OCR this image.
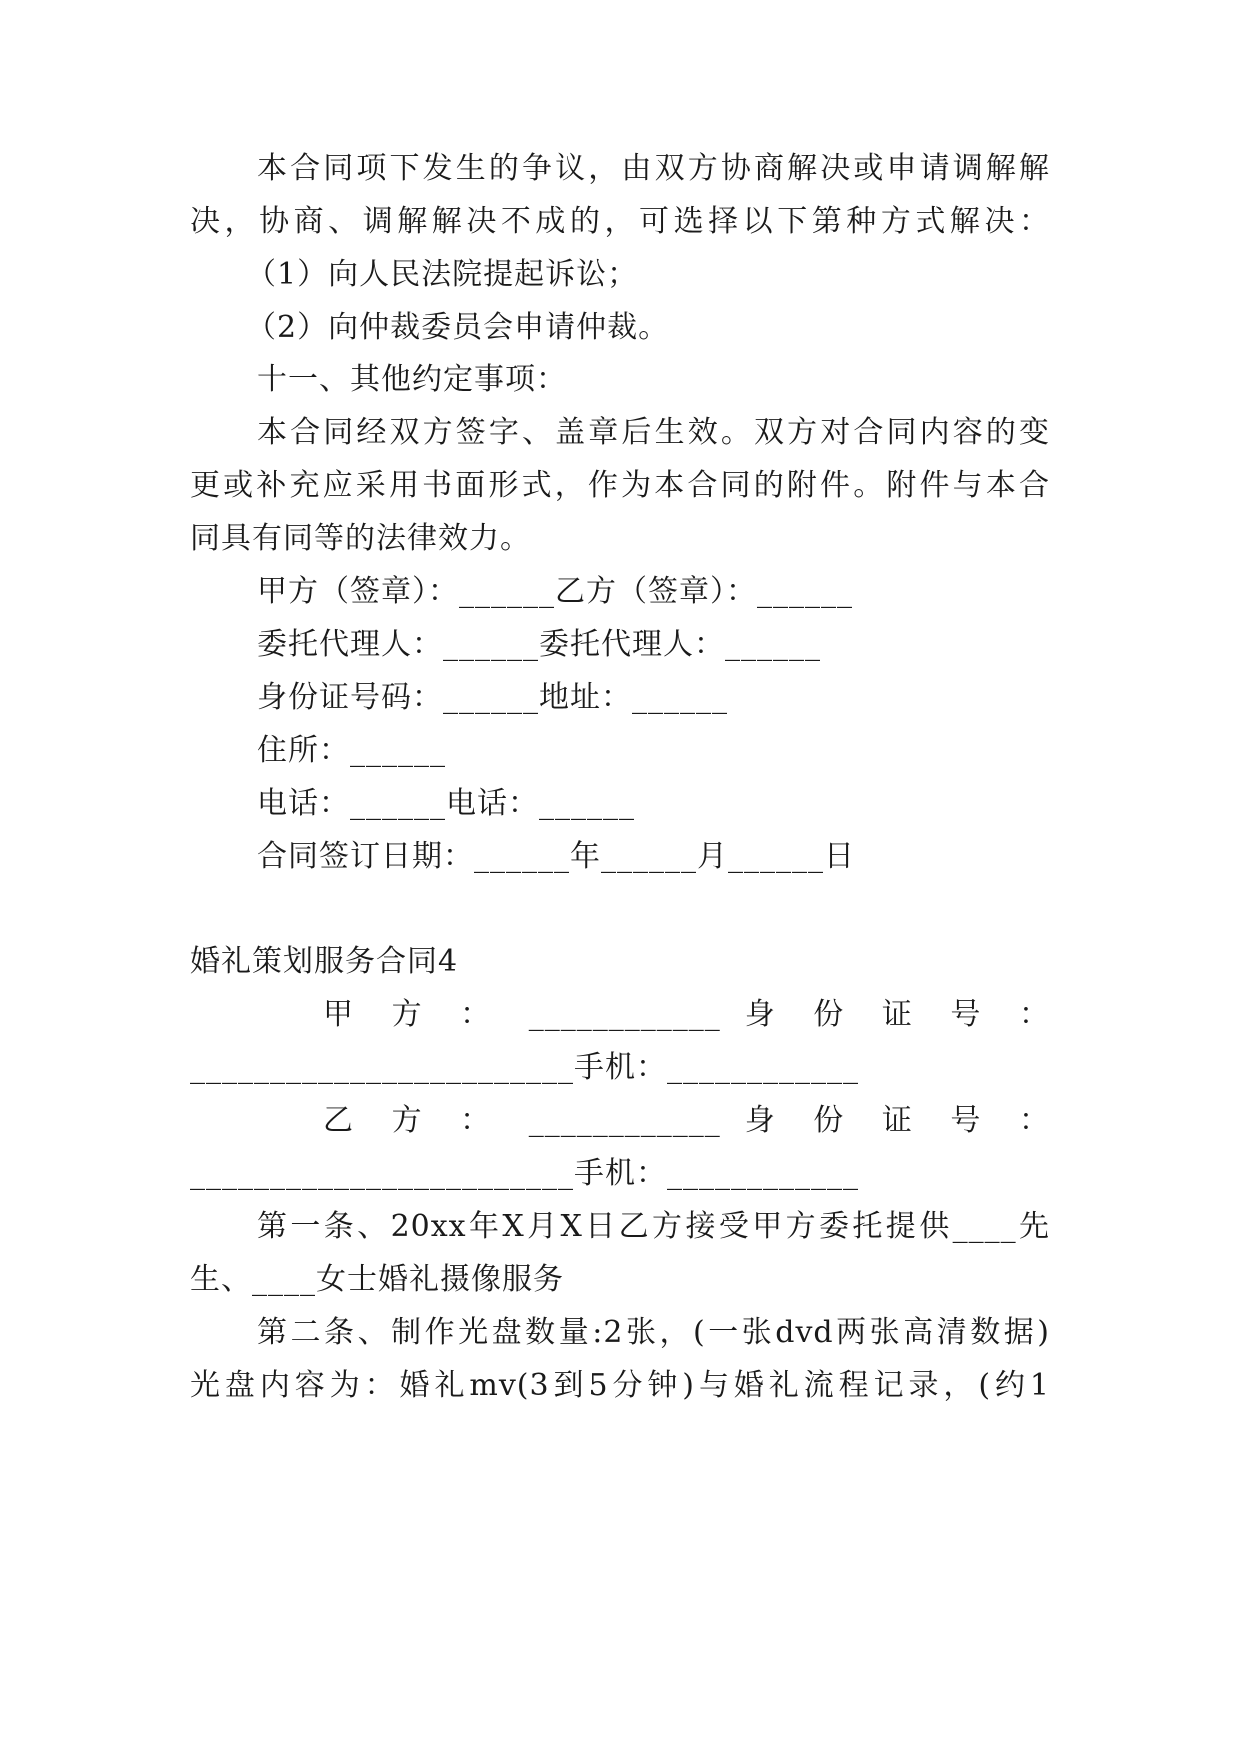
本合同项下发生的争议，由双方协商解决或申请调解解
决，协商、调解解决不成的，可选择以下第种方式解决：
（1）向人民法院提起诉讼；
（2）向仲裁委员会申请仲裁。
十一、其他约定事项：
本合同经双方签字、盖章后生效。双方对合同内容的变
更或补充应采用书面形式，作为本合同的附件。附件与本合
同具有同等的法律效力。
甲方（签章）：______乙方（签章）：______
委托代理人：______委托代理人：______
身份证号码：______地址：______
住所：______
电话：______电话：______
合同签订日期：______年______月______日
婚礼策划服务合同4
甲 方 ： ____________ 身 份 证 号 ：
________________________手机：____________
乙 方 ： ____________ 身 份 证 号 ：
________________________手机：____________
第一条、20xx年X月X日乙方接受甲方委托提供____先
生、____女士婚礼摄像服务
第二条、制作光盘数量:2张，(一张dvd两张高清数据)
光盘内容为：婚礼mv(3到5分钟)与婚礼流程记录，(约1
